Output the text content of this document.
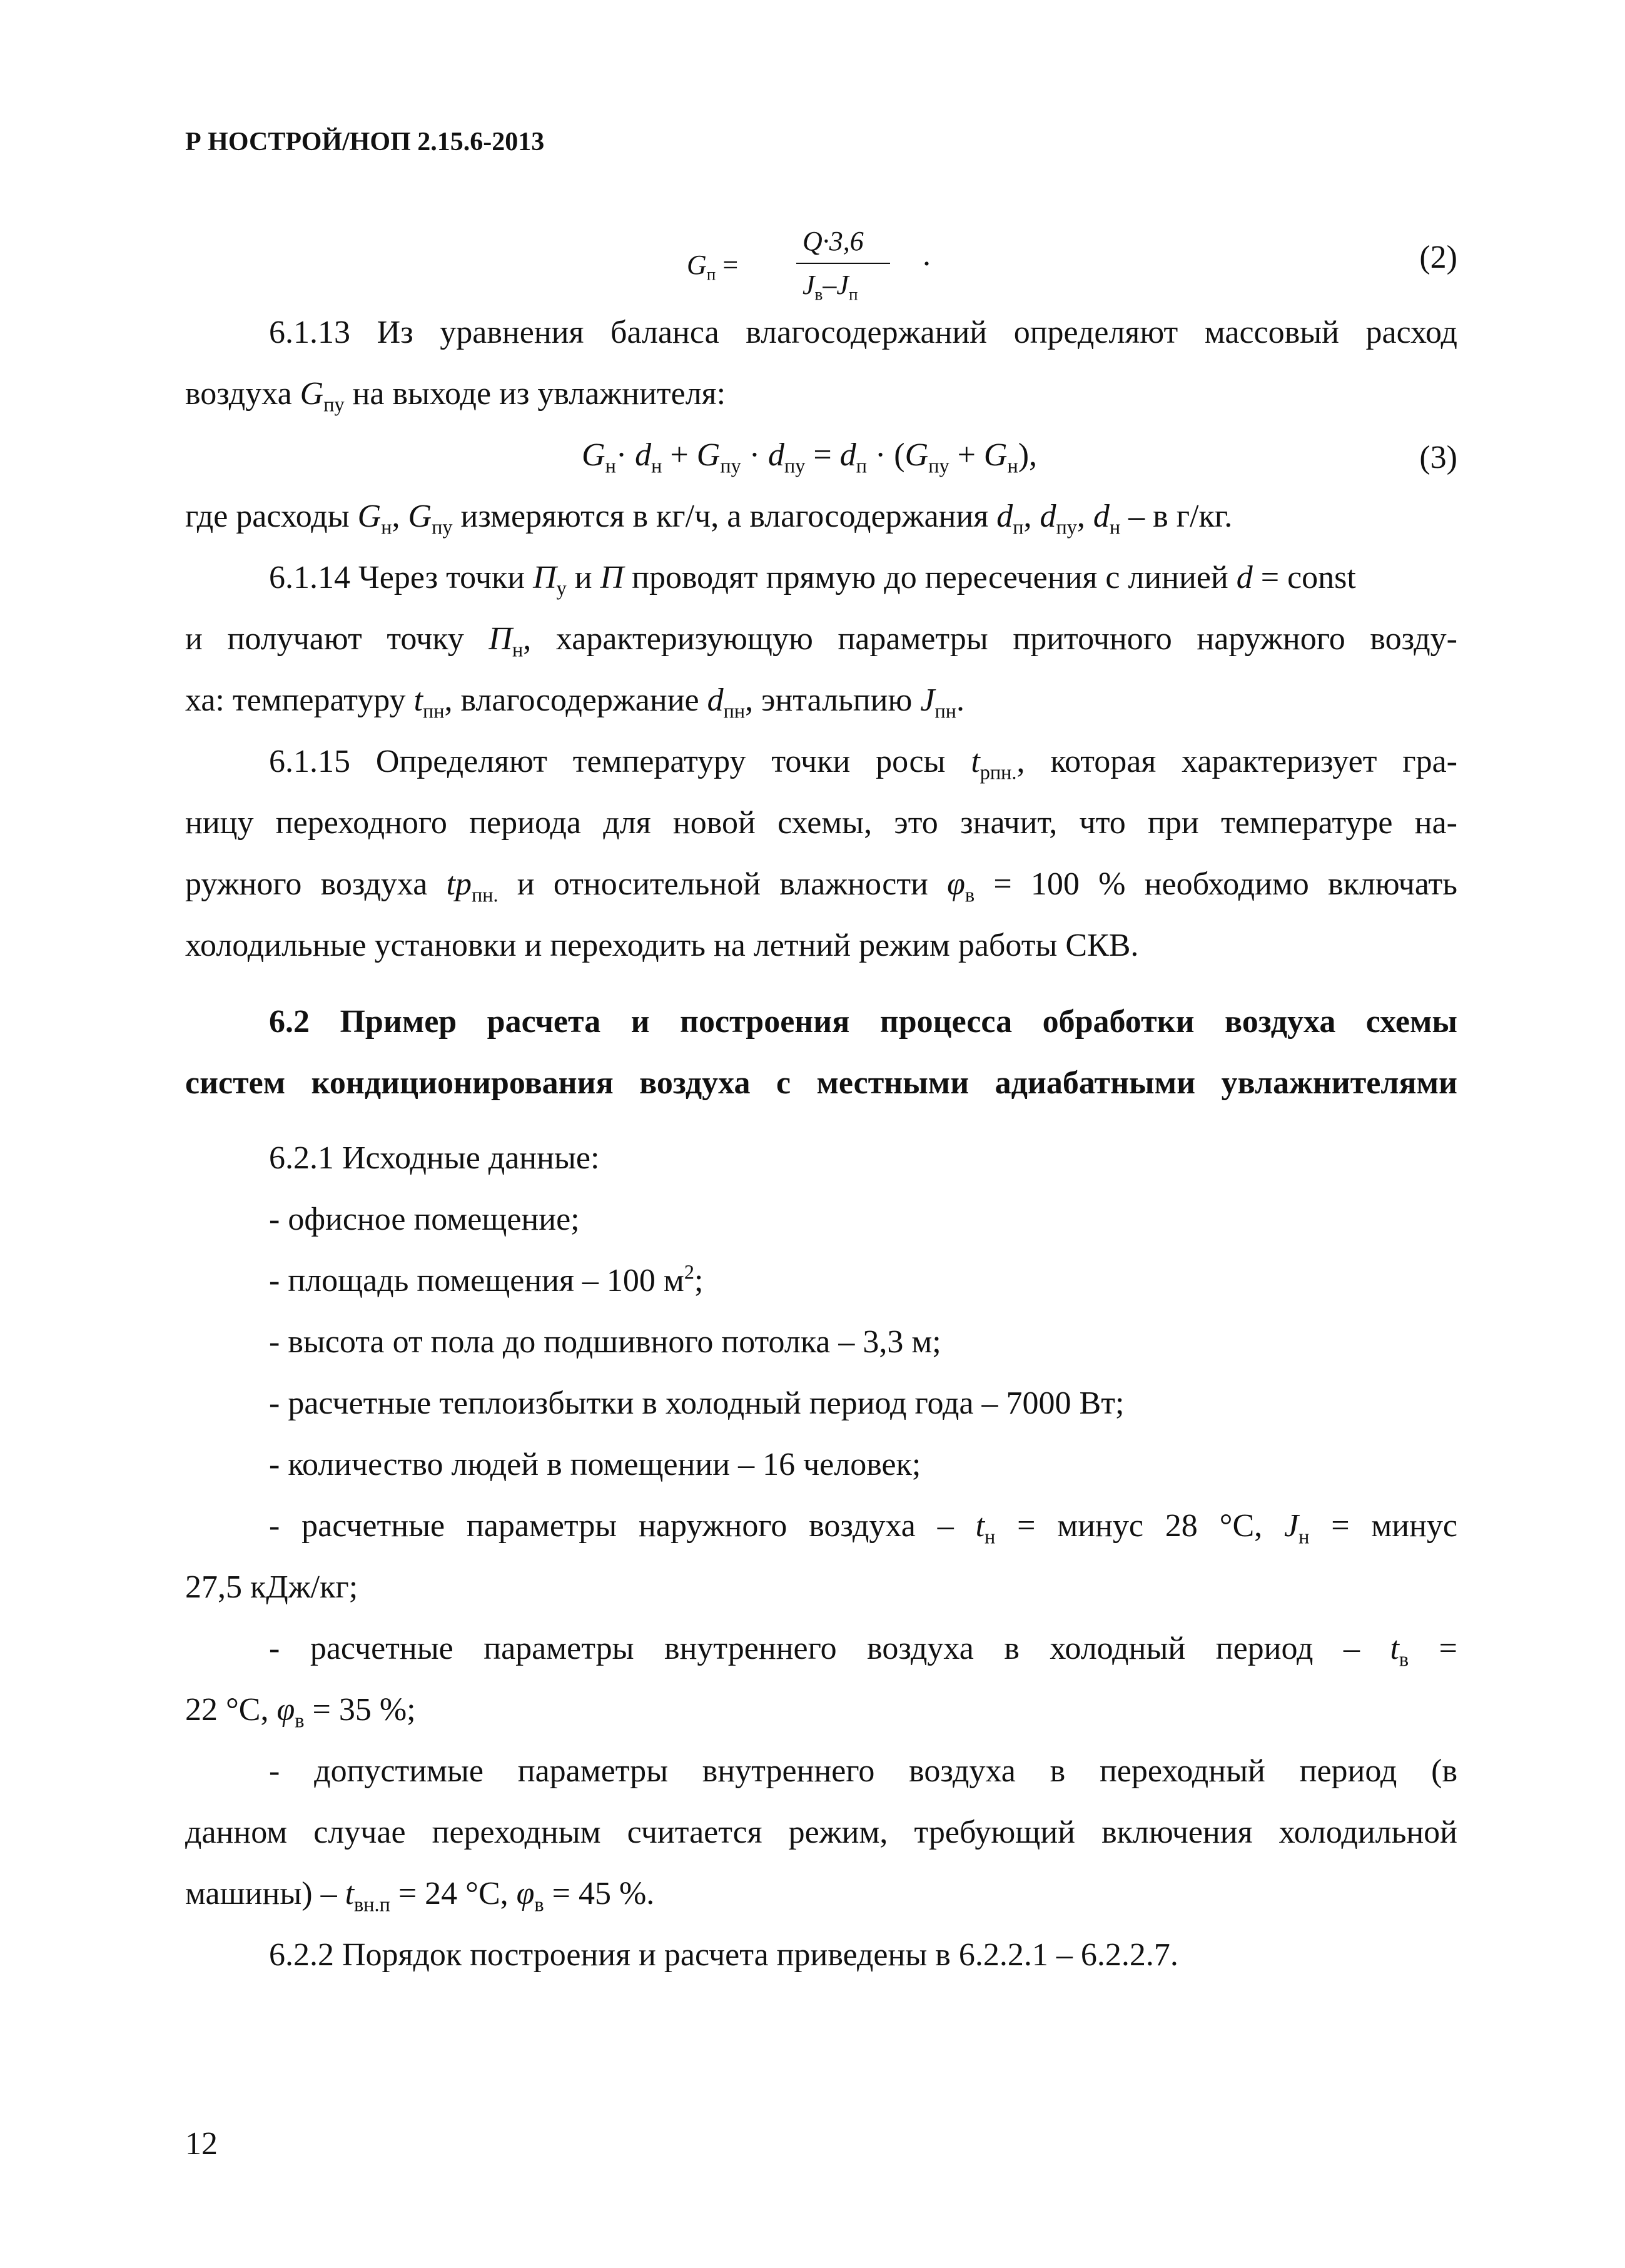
Р НОСТРОЙ/НОП 2.15.6-2013
$G_п$ =
Q·3,6
$J_в-J_п$
.	(2)
6.1.13 Из уравнения баланса влагосодержаний определяют массовый расход
воздуха $G_{пу}$ на выходе из увлажнителя:
$G_н\cdot d_н + G_{пу} \cdot d_{пу} = d_п \cdot (G_{пу} + G_н)$,	(3)
где расходы $G_н$, $G_{пу}$ измеряются в кг/ч, а влагосодержания $d_п$, $d_{пу}$, $d_н$ – в г/кг.
6.1.14 Через точки $П_у$ и П проводят прямую до пересечения с линией d = const
и получают точку $П_н$, характеризующую параметры приточного наружного возду-
ха: температуру $t_{пн}$, влагосодержание $d_{пн}$, энтальпию $J_{пн}$.
6.1.15 Определяют температуру точки росы $t_{рпн.}$, которая характеризует гра-
ницу переходного периода для новой схемы, это значит, что при температуре на-
ружного воздуха $tp_{пн.}$ и относительной влажности $\varphi_в = 100$ % необходимо включать
холодильные установки и переходить на летний режим работы СКВ.
6.2 Пример расчета и построения процесса обработки воздуха схемы
систем кондиционирования воздуха с местными адиабатными увлажнителями
6.2.1 Исходные данные:
- офисное помещение;
- площадь помещения – 100 $м^2$;
- высота от пола до подшивного потолка – 3,3 м;
- расчетные теплоизбытки в холодный период года – 7000 Вт;
- количество людей в помещении – 16 человек;
- расчетные параметры наружного воздуха – $t_н$ = минус 28 °С, $J_н$ = минус
27,5 кДж/кг;
- расчетные параметры внутреннего воздуха в холодный период – $t_в$ =
22 °С, $\varphi_в = 35$ %;
- допустимые параметры внутреннего воздуха в переходный период (в
данном случае переходным считается режим, требующий включения холодильной
машины) – $t_{вн.п} = 24$ °С, $\varphi_в = 45$ %.
6.2.2 Порядок построения и расчета приведены в 6.2.2.1 – 6.2.2.7.
12
